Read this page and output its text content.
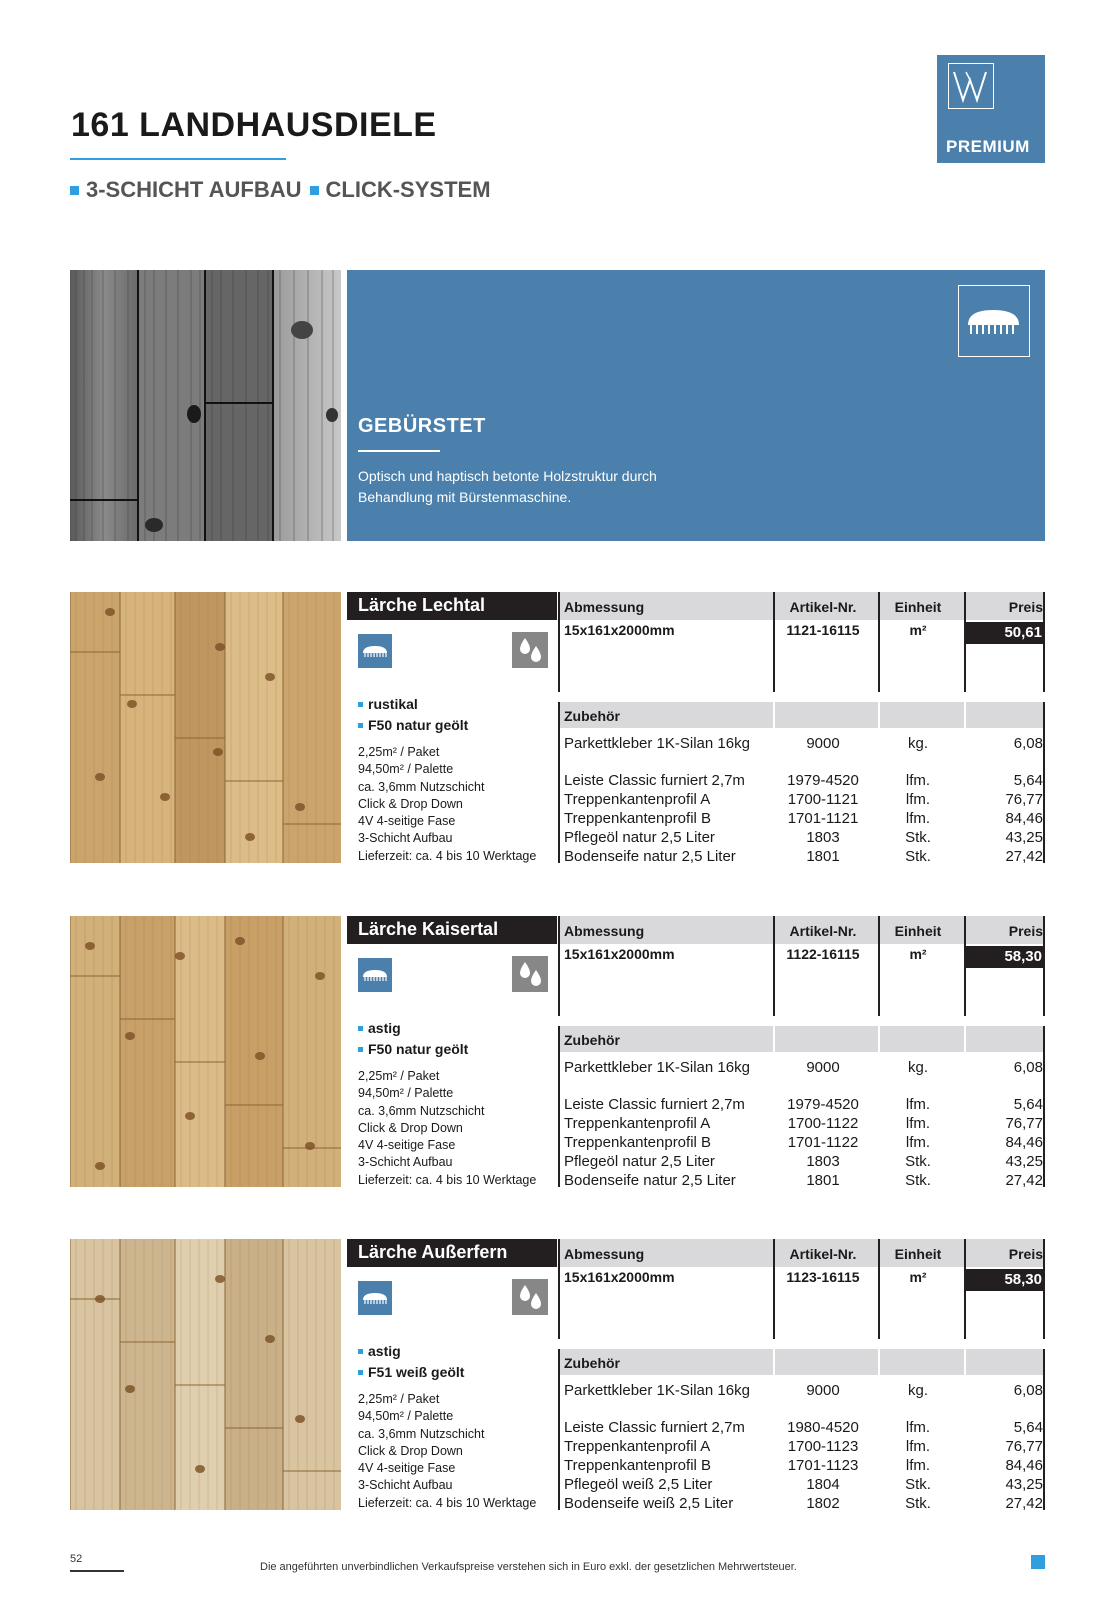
161 LANDHAUSDIELE
3-SCHICHT AUFBAU CLICK-SYSTEM
PREMIUM
GEBÜRSTET
Optisch und haptisch betonte Holzstruktur durch Behandlung mit Bürstenmaschine.
Lärche Lechtal
rustikal
F50 natur geölt
2,25m² / Paket
94,50m² / Palette
ca. 3,6mm Nutzschicht
Click & Drop Down
4V 4-seitige Fase
3-Schicht Aufbau
Lieferzeit: ca. 4 bis 10 Werktage
Abmessung	Artikel-Nr.	Einheit	Preis
15x161x2000mm	1121-16115	m²	50,61
Zubehör
Parkettkleber 1K-Silan 16kg	9000	kg.	6,08
Leiste Classic furniert 2,7m	1979-4520	lfm.	5,64
Treppenkantenprofil A	1700-1121	lfm.	76,77
Treppenkantenprofil B	1701-1121	lfm.	84,46
Pflegeöl natur 2,5 Liter	1803	Stk.	43,25
Bodenseife natur 2,5 Liter	1801	Stk.	27,42
Lärche Kaisertal
astig
F50 natur geölt
2,25m² / Paket
94,50m² / Palette
ca. 3,6mm Nutzschicht
Click & Drop Down
4V 4-seitige Fase
3-Schicht Aufbau
Lieferzeit: ca. 4 bis 10 Werktage
Abmessung	Artikel-Nr.	Einheit	Preis
15x161x2000mm	1122-16115	m²	58,30
Zubehör
Parkettkleber 1K-Silan 16kg	9000	kg.	6,08
Leiste Classic furniert 2,7m	1979-4520	lfm.	5,64
Treppenkantenprofil A	1700-1122	lfm.	76,77
Treppenkantenprofil B	1701-1122	lfm.	84,46
Pflegeöl natur 2,5 Liter	1803	Stk.	43,25
Bodenseife natur 2,5 Liter	1801	Stk.	27,42
Lärche Außerfern
astig
F51 weiß geölt
2,25m² / Paket
94,50m² / Palette
ca. 3,6mm Nutzschicht
Click & Drop Down
4V 4-seitige Fase
3-Schicht Aufbau
Lieferzeit: ca. 4 bis 10 Werktage
Abmessung	Artikel-Nr.	Einheit	Preis
15x161x2000mm	1123-16115	m²	58,30
Zubehör
Parkettkleber 1K-Silan 16kg	9000	kg.	6,08
Leiste Classic furniert 2,7m	1980-4520	lfm.	5,64
Treppenkantenprofil A	1700-1123	lfm.	76,77
Treppenkantenprofil B	1701-1123	lfm.	84,46
Pflegeöl weiß 2,5 Liter	1804	Stk.	43,25
Bodenseife weiß 2,5 Liter	1802	Stk.	27,42
52
Die angeführten unverbindlichen Verkaufspreise verstehen sich in Euro exkl. der gesetzlichen Mehrwertsteuer.
